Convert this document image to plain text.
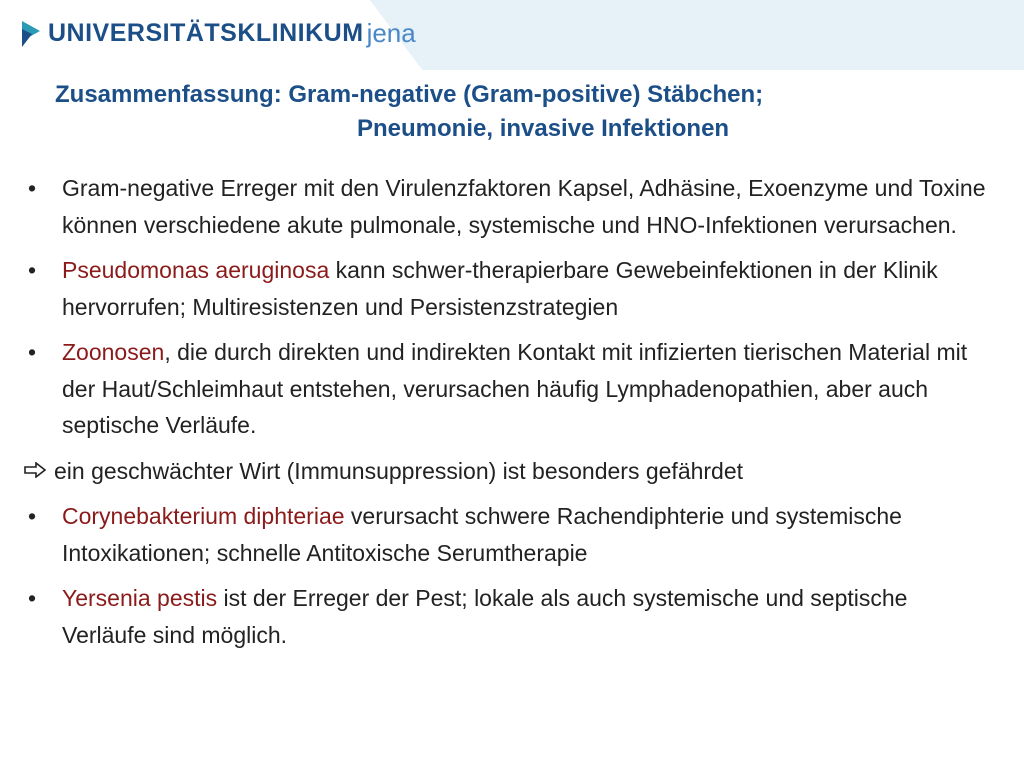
UNIVERSITÄTSKLINIKUM jena
Zusammenfassung: Gram-negative (Gram-positive) Stäbchen;
Pneumonie, invasive Infektionen
• Gram-negative Erreger mit den Virulenzfaktoren Kapsel, Adhäsine, Exoenzyme und Toxine können verschiedene akute pulmonale, systemische und HNO-Infektionen verursachen.
• Pseudomonas aeruginosa kann schwer-therapierbare Gewebeinfektionen in der Klinik hervorrufen; Multiresistenzen und Persistenzstrategien
• Zoonosen, die durch direkten und indirekten Kontakt mit infizierten tierischen Material mit der Haut/Schleimhaut entstehen, verursachen häufig Lymphadenopathien, aber auch septische Verläufe.
ein geschwächter Wirt (Immunsuppression) ist besonders gefährdet
• Corynebakterium diphteriae verursacht schwere Rachendiphterie und systemische Intoxikationen; schnelle Antitoxische Serumtherapie
• Yersenia pestis ist der Erreger der Pest; lokale als auch systemische und septische Verläufe sind möglich.
